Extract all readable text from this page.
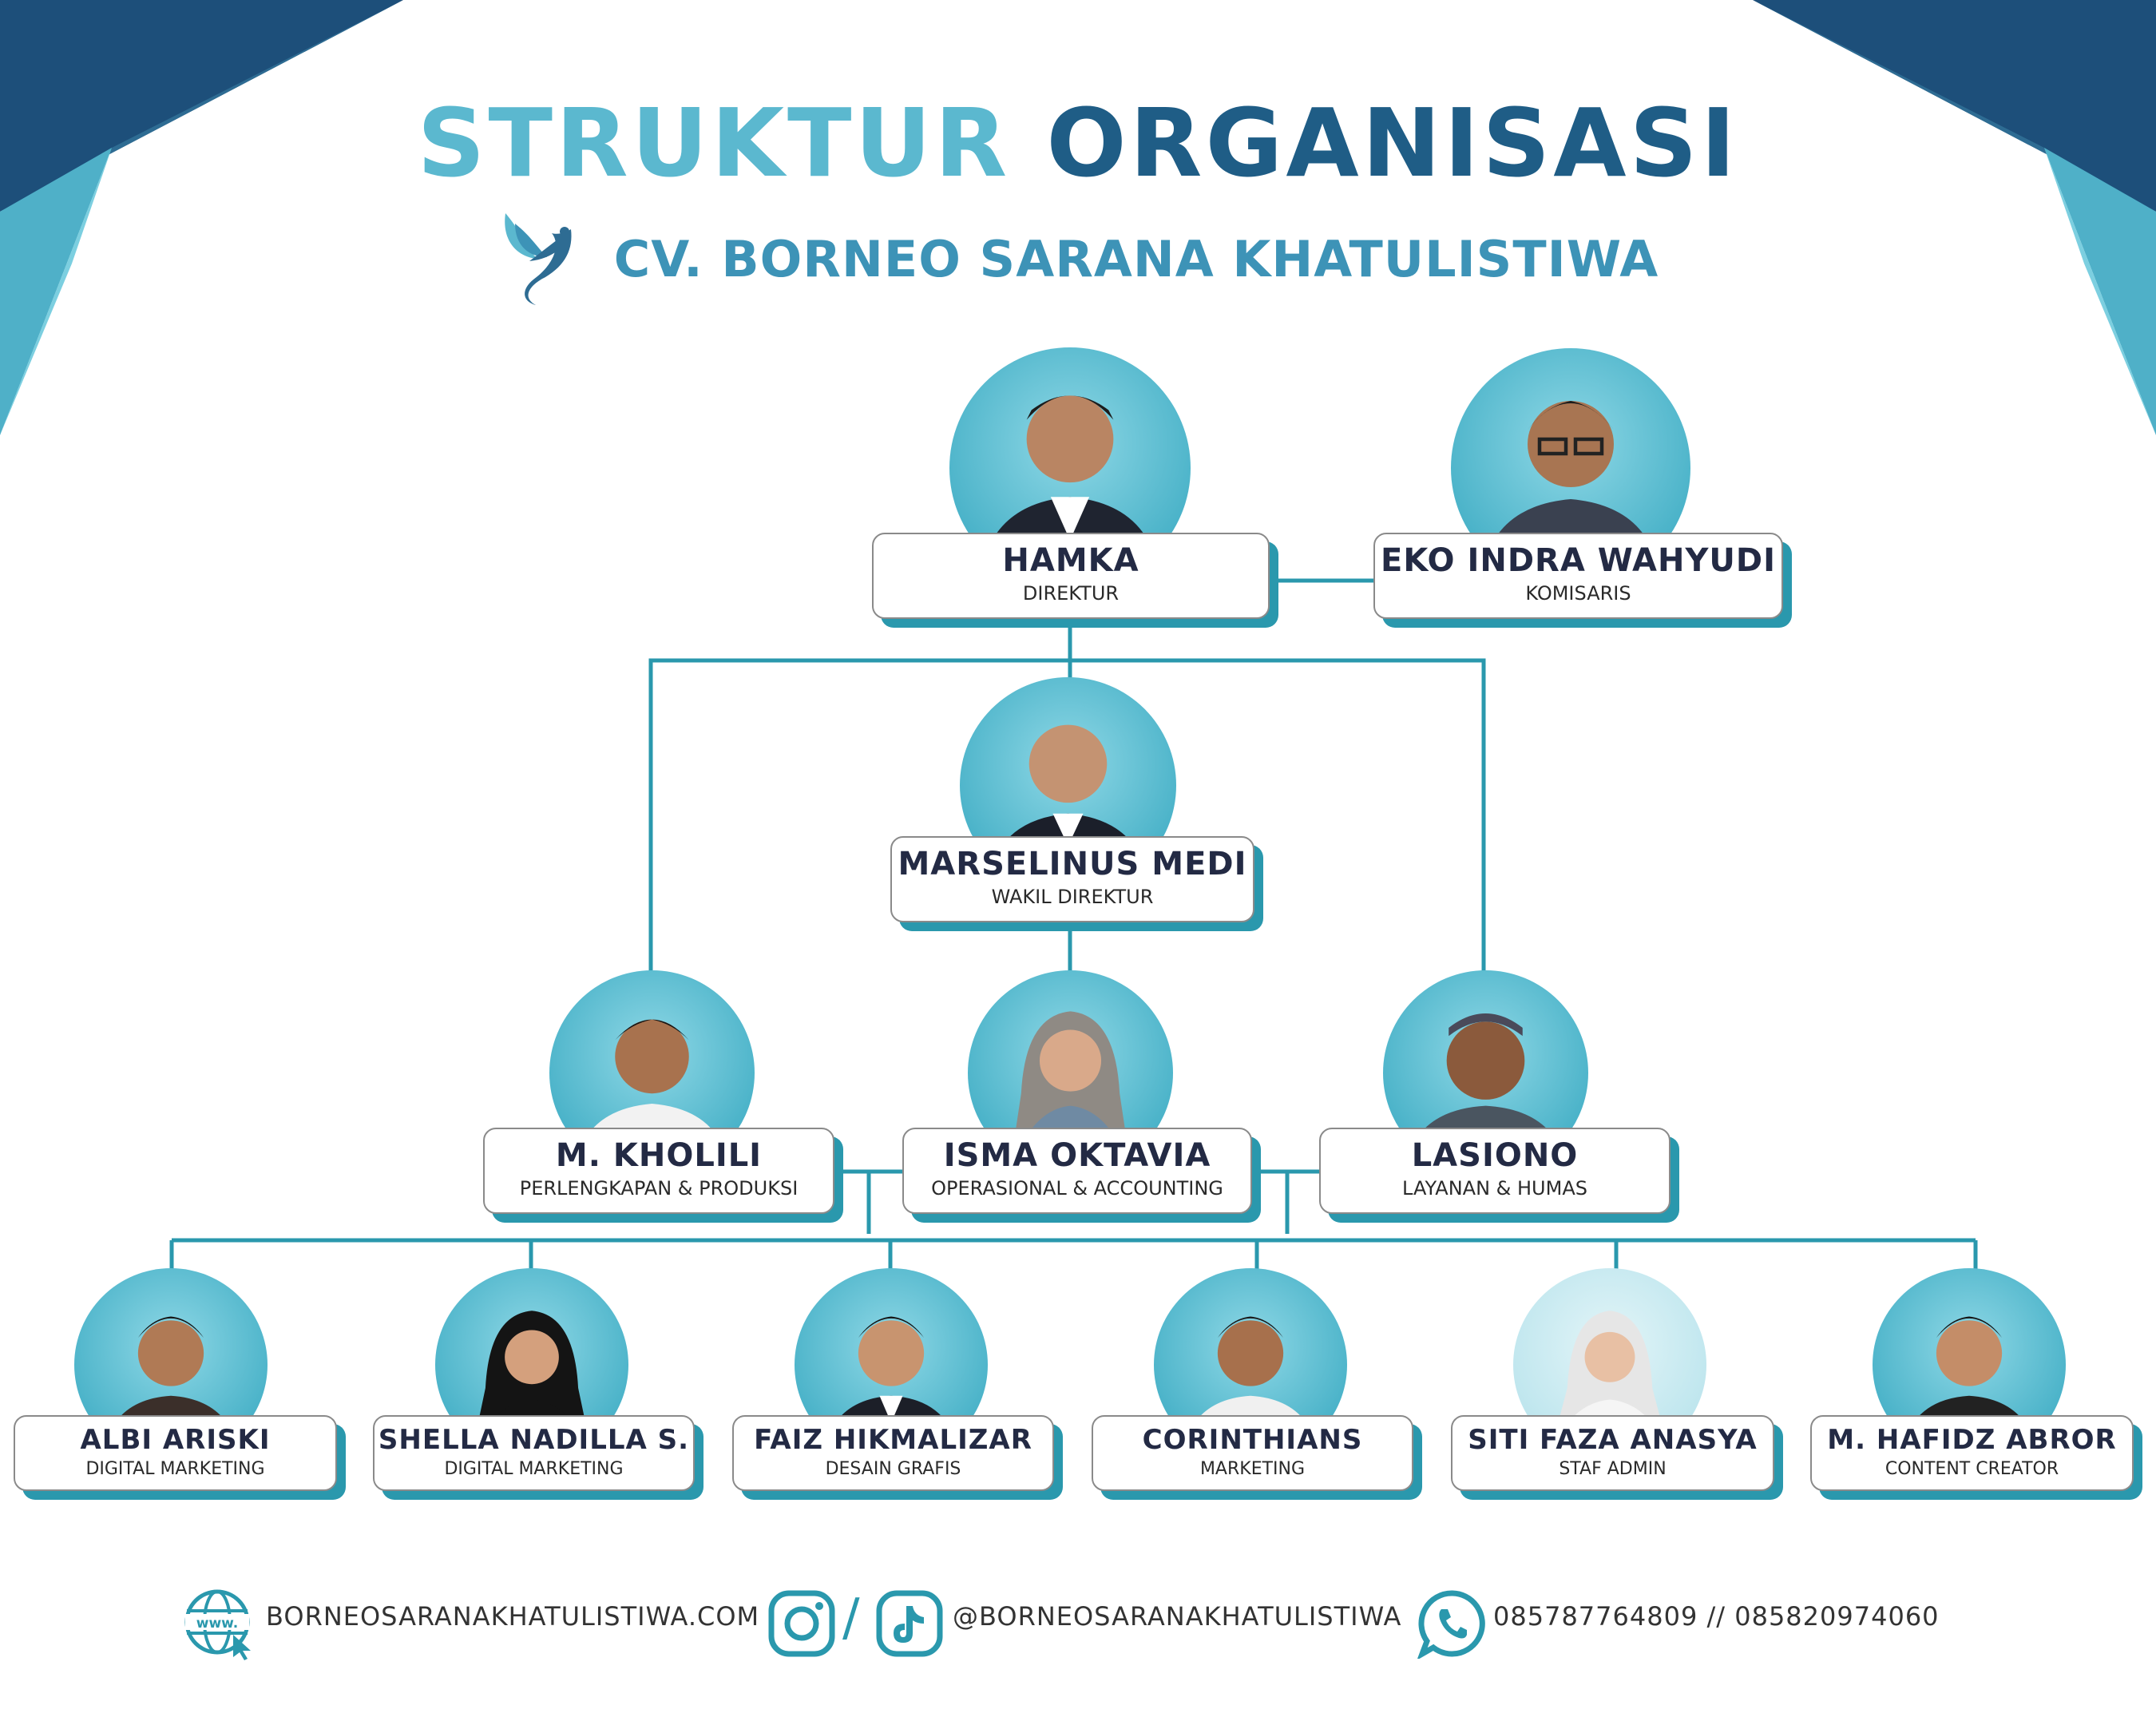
STRUKTUR ORGANISASI
CV. BORNEO SARANA KHATULISTIWA
HAMKA
DIREKTUR
EKO INDRA WAHYUDI
KOMISARIS
MARSELINUS MEDI
WAKIL DIREKTUR
M. KHOLILI
PERLENGKAPAN & PRODUKSI
ISMA OKTAVIA
OPERASIONAL & ACCOUNTING
LASIONO
LAYANAN & HUMAS
ALBI ARISKI
DIGITAL MARKETING
SHELLA NADILLA S.
DIGITAL MARKETING
FAIZ HIKMALIZAR
DESAIN GRAFIS
CORINTHIANS
MARKETING
SITI FAZA ANASYA
STAF ADMIN
M. HAFIDZ ABROR
CONTENT CREATOR
www. BORNEOSARANAKHATULISTIWA.COM /	@BORNEOSARANAKHATULISTIWA	085787764809 // 085820974060
